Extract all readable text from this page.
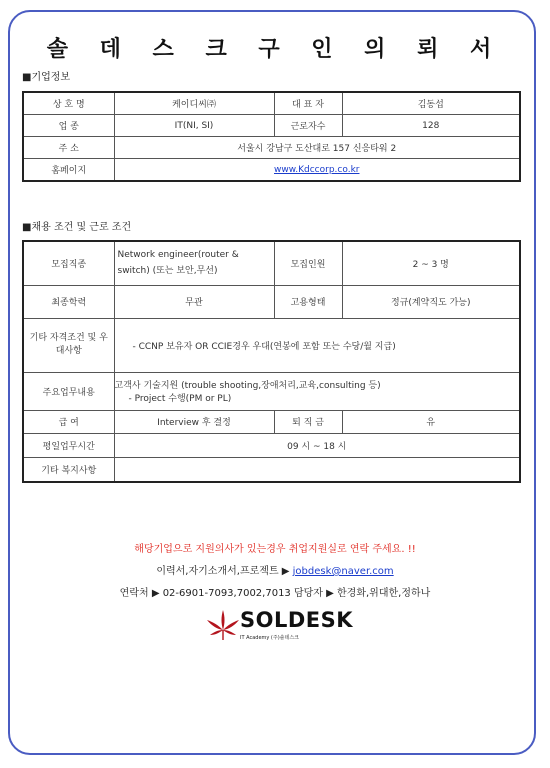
솔 데 스 크 구 인 의 뢰 서
■기업정보
상 호 명	케이디씨㈜	대 표 자	김동섭
업 종	IT(NI, SI)	근로자수	128
주 소	서울시 강남구 도산대로 157 신응타워 2		
홈페이지	www.Kdccorp.co.kr		
■채용 조건 및 근로 조건
모집직종	Network engineer(router & switch) (또는 보안,무선)	모집인원	2 ~ 3 명
최종학력	무관	고용형태	정규(계약직도 가능)
기타 자격조건 및 우대사항	- CCNP 보유자 OR CCIE경우 우대(연봉에 포함 또는 수당/월 지급)		
주요업무내용	고객사 기술지원 (trouble shooting,장애처리,교육,consulting 등)
- Project 수행(PM or PL)		

급 여	Interview 후 결정	퇴 직 금	유
평일업무시간	09 시 ~ 18 시		
기타 복지사항			
해당기업으로 지원의사가 있는경우 취업지원실로 연락 주세요. !!
이력서,자기소개서,프로젝트 ▶ jobdesk@naver.com
연락처 ▶ 02-6901-7093,7002,7013 담당자 ▶ 한경화,위대한,정하나
SOLDESK
IT Academy (주)솔데스크
